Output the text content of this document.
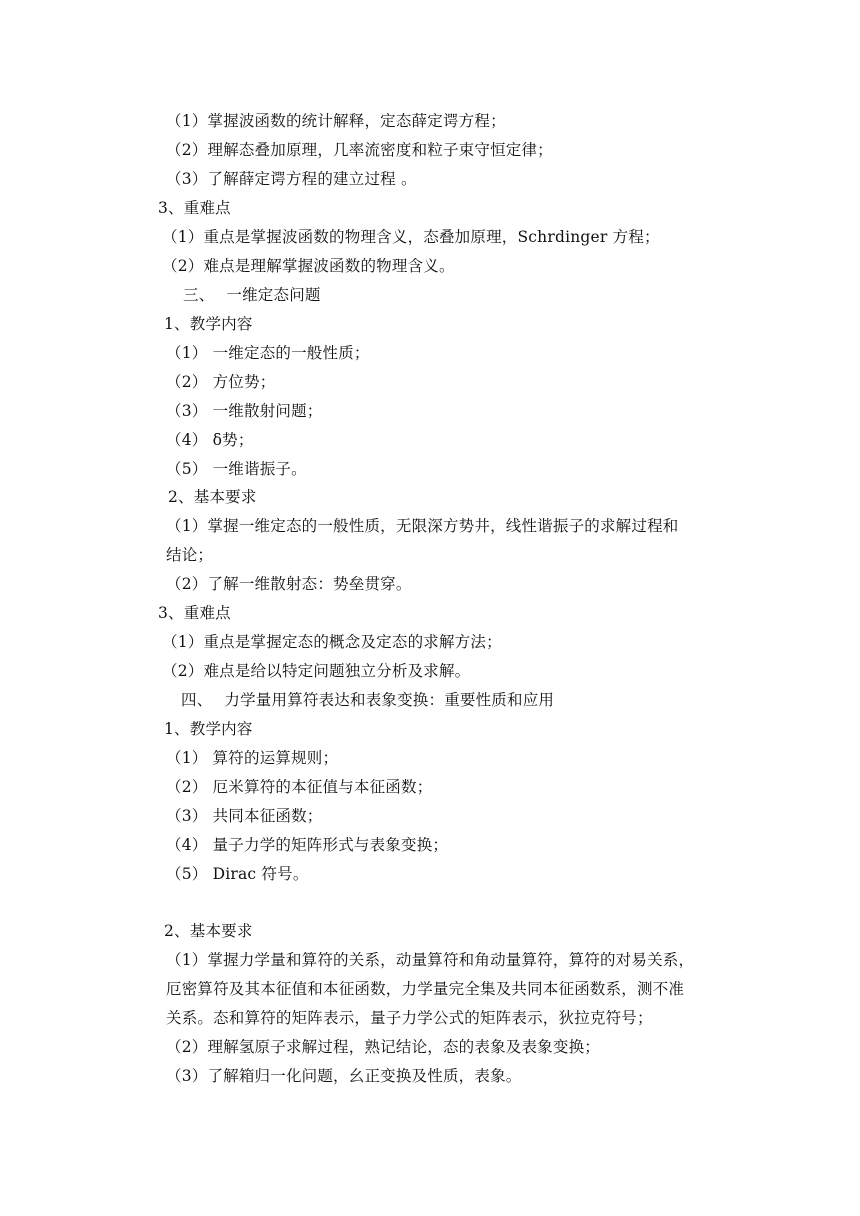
（1）掌握波函数的统计解释，定态薛定谔方程；
（2）理解态叠加原理，几率流密度和粒子束守恒定律；
（3）了解薛定谔方程的建立过程 。
3、重难点
（1）重点是掌握波函数的物理含义，态叠加原理，Schrdinger 方程；
（2）难点是理解掌握波函数的物理含义。
三、 一维定态问题
1、教学内容
（1） 一维定态的一般性质；
（2） 方位势；
（3） 一维散射问题；
（4） δ势；
（5） 一维谐振子。
2、基本要求
（1）掌握一维定态的一般性质，无限深方势井，线性谐振子的求解过程和
结论；
（2）了解一维散射态：势垒贯穿。
3、重难点
（1）重点是掌握定态的概念及定态的求解方法；
（2）难点是给以特定问题独立分析及求解。
四、 力学量用算符表达和表象变换：重要性质和应用
1、教学内容
（1） 算符的运算规则；
（2） 厄米算符的本征值与本征函数；
（3） 共同本征函数；
（4） 量子力学的矩阵形式与表象变换；
（5） Dirac 符号。
2、基本要求
（1）掌握力学量和算符的关系，动量算符和角动量算符，算符的对易关系，
厄密算符及其本征值和本征函数，力学量完全集及共同本征函数系，测不准
关系。态和算符的矩阵表示，量子力学公式的矩阵表示，狄拉克符号；
（2）理解氢原子求解过程，熟记结论，态的表象及表象变换；
（3）了解箱归一化问题，幺正变换及性质，表象。
